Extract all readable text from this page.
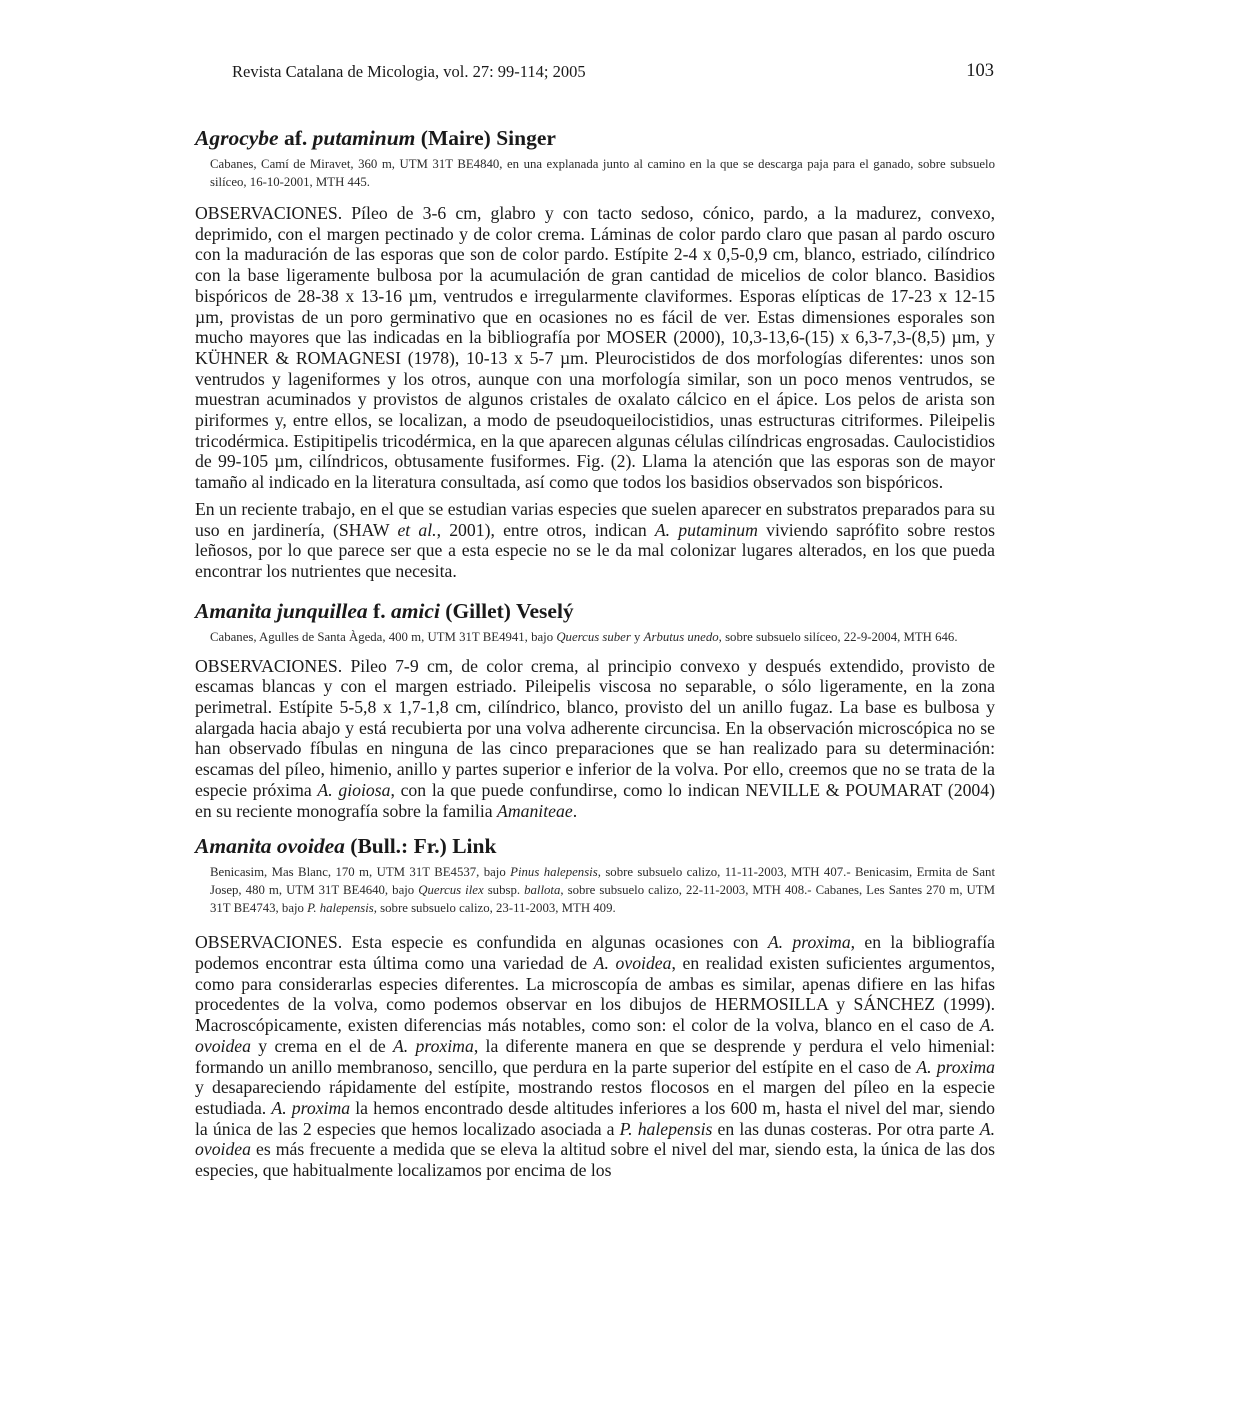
Revista Catalana de Micologia, vol. 27: 99-114; 2005	103
Agrocybe af. putaminum (Maire) Singer

Cabanes, Camí de Miravet, 360 m, UTM 31T BE4840, en una explanada junto al camino en la que se descarga paja para el ganado, sobre subsuelo silíceo, 16-10-2001, MTH 445.

OBSERVACIONES. Píleo de 3-6 cm, glabro y con tacto sedoso, cónico, pardo, a la madurez, convexo, deprimido, con el margen pectinado y de color crema. Láminas de color pardo claro que pasan al pardo oscuro con la maduración de las esporas que son de color pardo. Estípite 2-4 x 0,5-0,9 cm, blanco, estriado, cilíndrico con la base ligeramente bulbosa por la acumulación de gran cantidad de micelios de color blanco. Basidios bispóricos de 28-38 x 13-16 µm, ventrudos e irregularmente claviformes. Esporas elípticas de 17-23 x 12-15 µm, provistas de un poro germinativo que en ocasiones no es fácil de ver. Estas dimensiones esporales son mucho mayores que las indicadas en la bibliografía por MOSER (2000), 10,3-13,6-(15) x 6,3-7,3-(8,5) µm, y KÜHNER & ROMAGNESI (1978), 10-13 x 5-7 µm. Pleurocistidos de dos morfologías diferentes: unos son ventrudos y lageniformes y los otros, aunque con una morfología similar, son un poco menos ventrudos, se muestran acuminados y provistos de algunos cristales de oxalato cálcico en el ápice. Los pelos de arista son piriformes y, entre ellos, se localizan, a modo de pseudoqueilocistidios, unas estructuras citriformes. Pileipelis tricodérmica. Estipitipelis tricodérmica, en la que aparecen algunas células cilíndricas engrosadas. Caulocistidios de 99-105 µm, cilíndricos, obtusamente fusiformes. Fig. (2). Llama la atención que las esporas son de mayor tamaño al indicado en la literatura consultada, así como que todos los basidios observados son bispóricos.

En un reciente trabajo, en el que se estudian varias especies que suelen aparecer en substratos preparados para su uso en jardinería, (SHAW et al., 2001), entre otros, indican A. putaminum viviendo saprófito sobre restos leñosos, por lo que parece ser que a esta especie no se le da mal colonizar lugares alterados, en los que pueda encontrar los nutrientes que necesita.

Amanita junquillea f. amici (Gillet) Veselý

Cabanes, Agulles de Santa Àgeda, 400 m, UTM 31T BE4941, bajo Quercus suber y Arbutus unedo, sobre subsuelo silíceo, 22-9-2004, MTH 646.

OBSERVACIONES. Pileo 7-9 cm, de color crema, al principio convexo y después extendido, provisto de escamas blancas y con el margen estriado. Pileipelis viscosa no separable, o sólo ligeramente, en la zona perimetral. Estípite 5-5,8 x 1,7-1,8 cm, cilíndrico, blanco, provisto del un anillo fugaz. La base es bulbosa y alargada hacia abajo y está recubierta por una volva adherente circuncisa. En la observación microscópica no se han observado fíbulas en ninguna de las cinco preparaciones que se han realizado para su determinación: escamas del píleo, himenio, anillo y partes superior e inferior de la volva. Por ello, creemos que no se trata de la especie próxima A. gioiosa, con la que puede confundirse, como lo indican NEVILLE & POUMARAT (2004) en su reciente monografía sobre la familia Amaniteae.

Amanita ovoidea (Bull.: Fr.) Link

Benicasim, Mas Blanc, 170 m, UTM 31T BE4537, bajo Pinus halepensis, sobre subsuelo calizo, 11-11-2003, MTH 407.- Benicasim, Ermita de Sant Josep, 480 m, UTM 31T BE4640, bajo Quercus ilex subsp. ballota, sobre subsuelo calizo, 22-11-2003, MTH 408.- Cabanes, Les Santes 270 m, UTM 31T BE4743, bajo P. halepensis, sobre subsuelo calizo, 23-11-2003, MTH 409.

OBSERVACIONES. Esta especie es confundida en algunas ocasiones con A. proxima, en la bibliografía podemos encontrar esta última como una variedad de A. ovoidea, en realidad existen suficientes argumentos, como para considerarlas especies diferentes. La microscopía de ambas es similar, apenas difiere en las hifas procedentes de la volva, como podemos observar en los dibujos de HERMOSILLA y SÁNCHEZ (1999). Macroscópicamente, existen diferencias más notables, como son: el color de la volva, blanco en el caso de A. ovoidea y crema en el de A. proxima, la diferente manera en que se desprende y perdura el velo himenial: formando un anillo membranoso, sencillo, que perdura en la parte superior del estípite en el caso de A. proxima y desapareciendo rápidamente del estípite, mostrando restos flocosos en el margen del píleo en la especie estudiada. A. proxima la hemos encontrado desde altitudes inferiores a los 600 m, hasta el nivel del mar, siendo la única de las 2 especies que hemos localizado asociada a P. halepensis en las dunas costeras. Por otra parte A. ovoidea es más frecuente a medida que se eleva la altitud sobre el nivel del mar, siendo esta, la única de las dos especies, que habitualmente localizamos por encima de los
